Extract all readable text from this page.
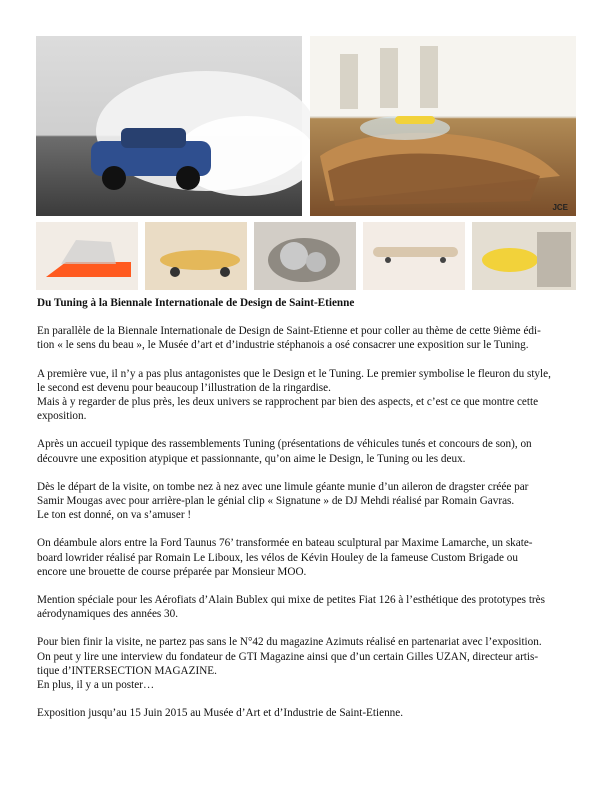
JCE
Du Tuning à la Biennale Internationale de Design de Saint-Etienne
En parallèle de la Biennale Internationale de Design de Saint-Etienne et pour coller au thème de cette 9ième édi-
tion « le sens du beau », le Musée d’art et d’industrie stéphanois a osé consacrer une exposition sur le Tuning.
A première vue, il n’y a pas plus antagonistes que le Design et le Tuning. Le premier symbolise le fleuron du style,
le second est devenu pour beaucoup l’illustration de la ringardise.
Mais à y regarder de plus près, les deux univers se rapprochent par bien des aspects, et c’est ce que montre cette
exposition.
Après un accueil typique des rassemblements Tuning (présentations de véhicules tunés et concours de son), on
découvre une exposition atypique et passionnante, qu’on aime le Design, le Tuning ou les deux.
Dès le départ de la visite, on tombe nez à nez avec une limule géante munie d’un aileron de dragster créée par
Samir Mougas avec pour arrière-plan le génial clip « Signatune » de DJ Mehdi réalisé par Romain Gavras.
Le ton est donné, on va s’amuser !
On déambule alors entre la Ford Taunus 76’ transformée en bateau sculptural par Maxime Lamarche, un skate-
board lowrider réalisé par Romain Le Liboux, les vélos de Kévin Houley de la fameuse Custom Brigade ou
encore une brouette de course préparée par Monsieur MOO.
Mention spéciale pour les Aérofiats d’Alain Bublex qui mixe de petites Fiat 126 à l’esthétique des prototypes très
aérodynamiques des années 30.
Pour bien finir la visite, ne partez pas sans le N°42 du magazine Azimuts réalisé en partenariat avec l’exposition.
On peut y lire une interview du fondateur de GTI Magazine ainsi que d’un certain Gilles UZAN, directeur artis-
tique d’INTERSECTION MAGAZINE.
En plus, il y a un poster…
Exposition jusqu’au 15 Juin 2015 au Musée d’Art et d’Industrie de Saint-Etienne.
